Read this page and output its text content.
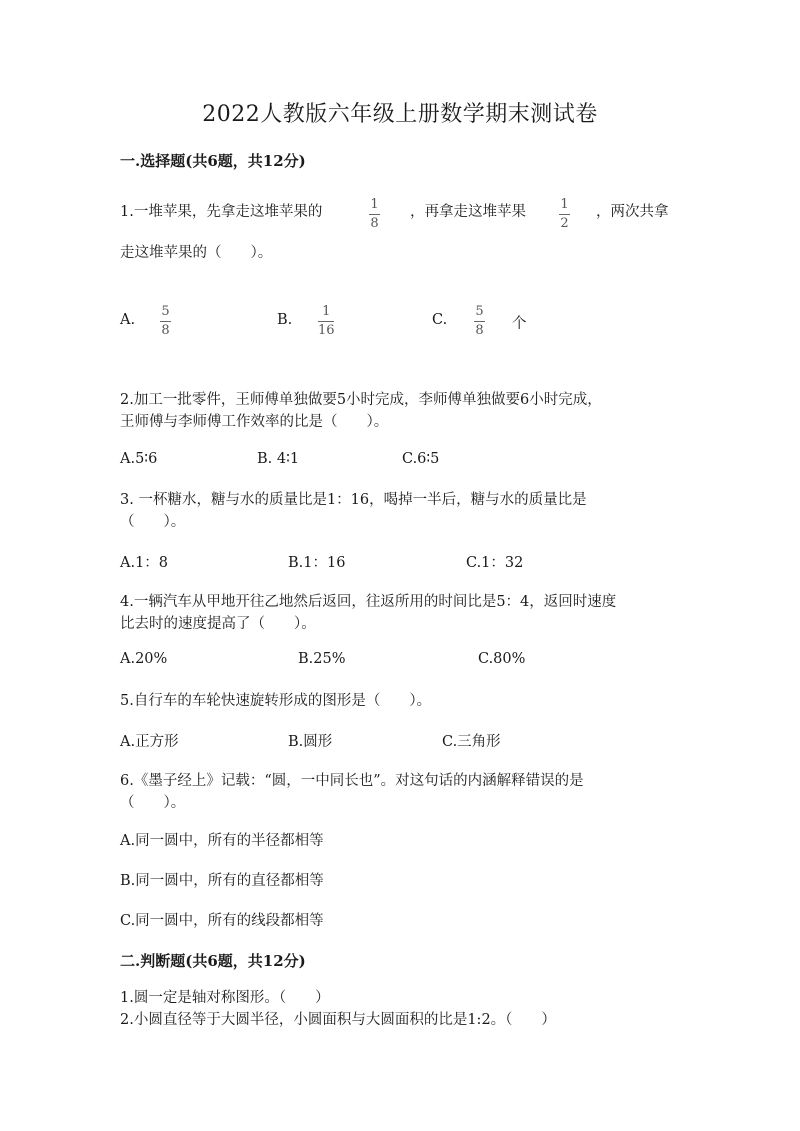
2022人教版六年级上册数学期末测试卷
一.选择题(共6题，共12分)
1.一堆苹果，先拿走这堆苹果的	1
8
，再拿走这堆苹果	1
2
，两次共拿
走这堆苹果的（　　）。
A.
5
8
B.
1
16
C.
5
8 个
2.加工一批零件，王师傅单独做要5小时完成，李师傅单独做要6小时完成，
王师傅与李师傅工作效率的比是（　　）。
A.5∶6	B. 4∶1	C.6∶5
3. 一杯糖水，糖与水的质量比是1：16，喝掉一半后，糖与水的质量比是
（　　）。
A.1：8	B.1：16	C.1：32
4.一辆汽车从甲地开往乙地然后返回，往返所用的时间比是5：4，返回时速度
比去时的速度提高了（　　）。
A.20%	B.25%	C.80%
5.自行车的车轮快速旋转形成的图形是（　　）。
A.正方形	B.圆形	C.三角形
6.《墨子经上》记载：“圆，一中同长也”。对这句话的内涵解释错误的是
（　　）。
A.同一圆中，所有的半径都相等
B.同一圆中，所有的直径都相等
C.同一圆中，所有的线段都相等
二.判断题(共6题，共12分)
1.圆一定是轴对称图形。（　　）
2.小圆直径等于大圆半径，小圆面积与大圆面积的比是1:2。（　　）
